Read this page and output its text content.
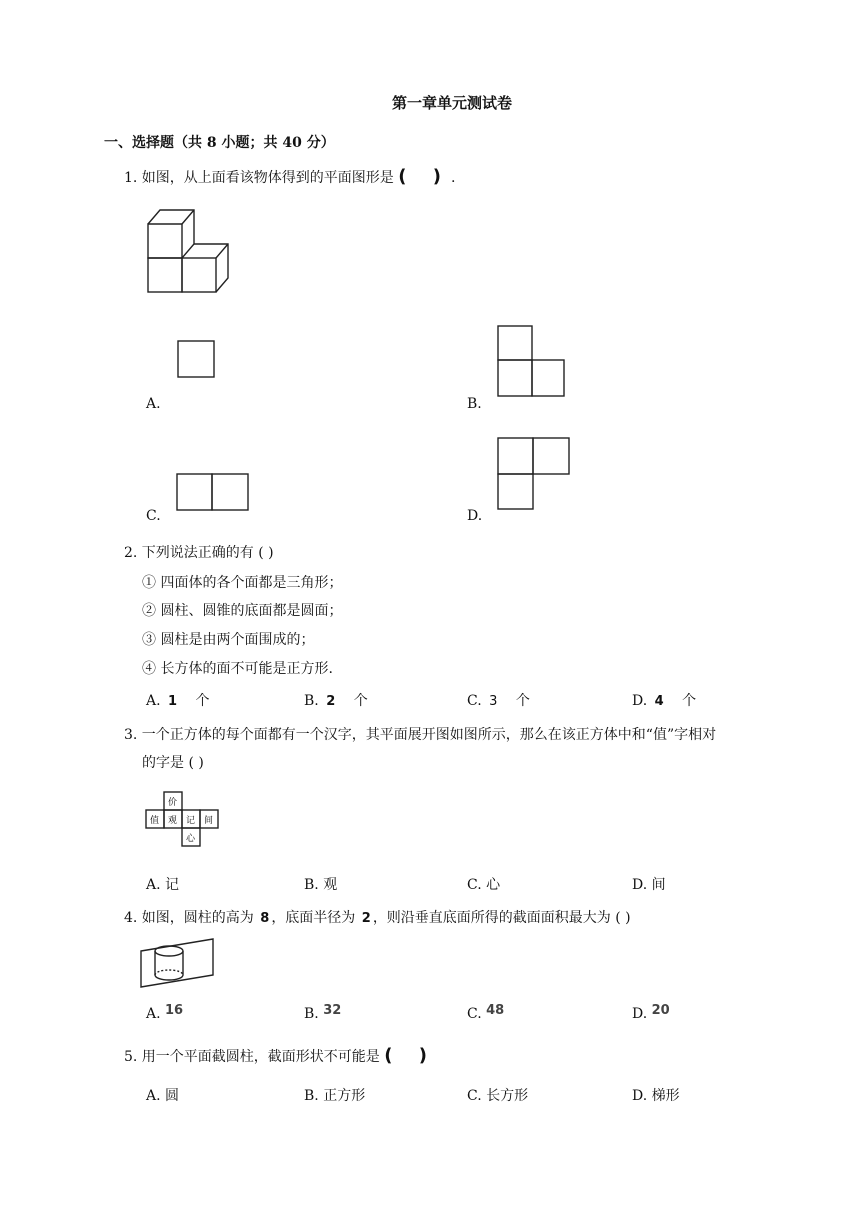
第一章单元测试卷
一、选择题（共 8 小题；共 40 分）
1. 如图，从上面看该物体得到的平面图形是 ( ).
A.	B.
C.	D.
2. 下列说法正确的有 ( )
① 四面体的各个面都是三角形；
② 圆柱、圆锥的底面都是圆面；
③ 圆柱是由两个面围成的；
④ 长方体的面不可能是正方形.
A. 1 个	B. 2 个	C. 3 个	D. 4 个
3. 一个正方体的每个面都有一个汉字，其平面展开图如图所示，那么在该正方体中和“值”字相对
的字是 ( )
价
值 观 记 间
心
A. 记	B. 观	C. 心	D. 间
4. 如图，圆柱的高为 8 ，底面半径为 2 ，则沿垂直底面所得的截面面积最大为 ( )
A. 16	B. 32	C. 48	D. 20
5. 用一个平面截圆柱，截面形状不可能是 ( )
A. 圆	B. 正方形	C. 长方形	D. 梯形
